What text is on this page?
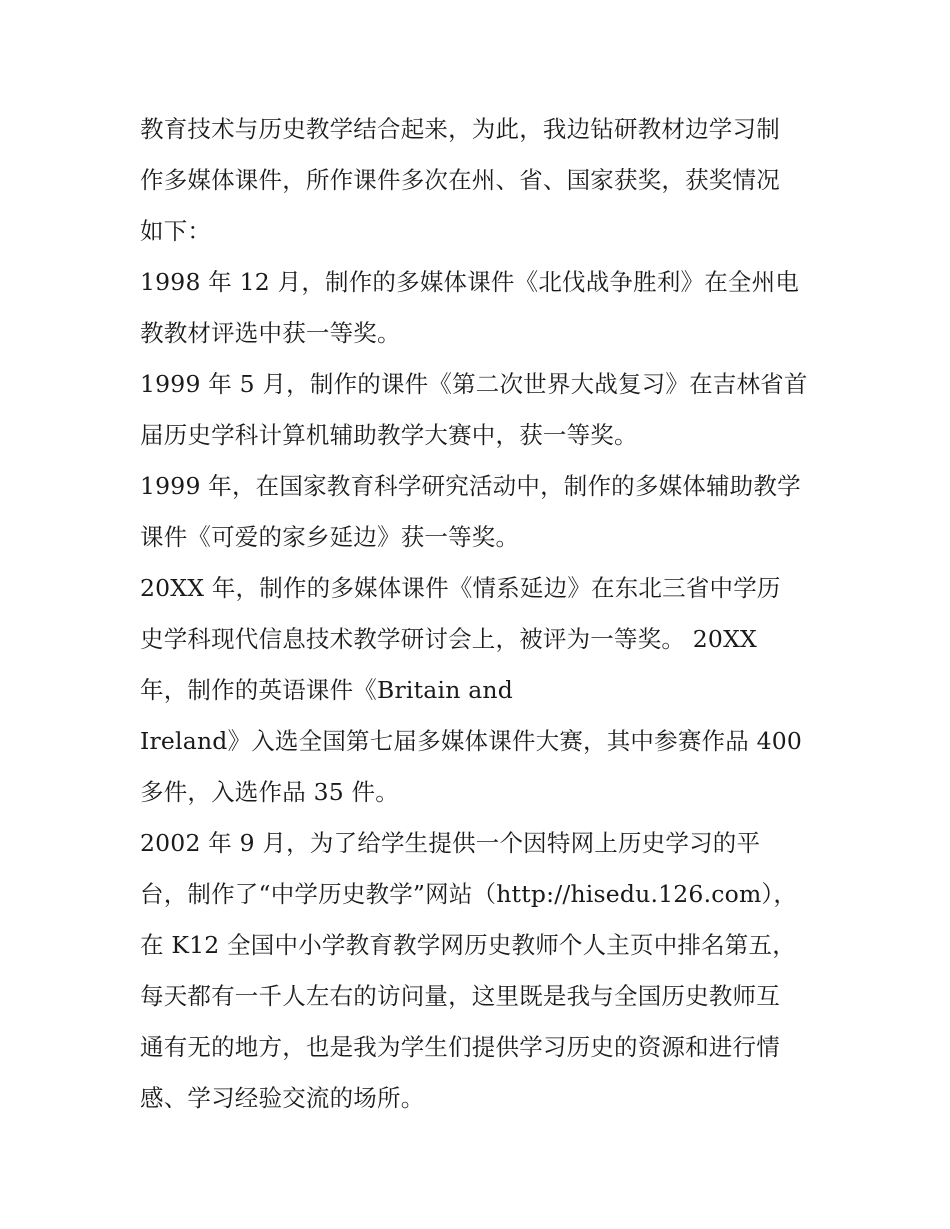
教育技术与历史教学结合起来，为此，我边钻研教材边学习制
作多媒体课件，所作课件多次在州、省、国家获奖，获奖情况
如下：
1998 年 12 月，制作的多媒体课件《北伐战争胜利》在全州电
教教材评选中获一等奖。
1999 年 5 月，制作的课件《第二次世界大战复习》在吉林省首
届历史学科计算机辅助教学大赛中，获一等奖。
1999 年，在国家教育科学研究活动中，制作的多媒体辅助教学
课件《可爱的家乡延边》获一等奖。
20XX 年，制作的多媒体课件《情系延边》在东北三省中学历
史学科现代信息技术教学研讨会上，被评为一等奖。 20XX
年，制作的英语课件《Britain and
Ireland》入选全国第七届多媒体课件大赛，其中参赛作品 400
多件，入选作品 35 件。
2002 年 9 月，为了给学生提供一个因特网上历史学习的平
台，制作了“中学历史教学”网站（http://hisedu.126.com），
在 K12 全国中小学教育教学网历史教师个人主页中排名第五，
每天都有一千人左右的访问量，这里既是我与全国历史教师互
通有无的地方，也是我为学生们提供学习历史的资源和进行情
感、学习经验交流的场所。
